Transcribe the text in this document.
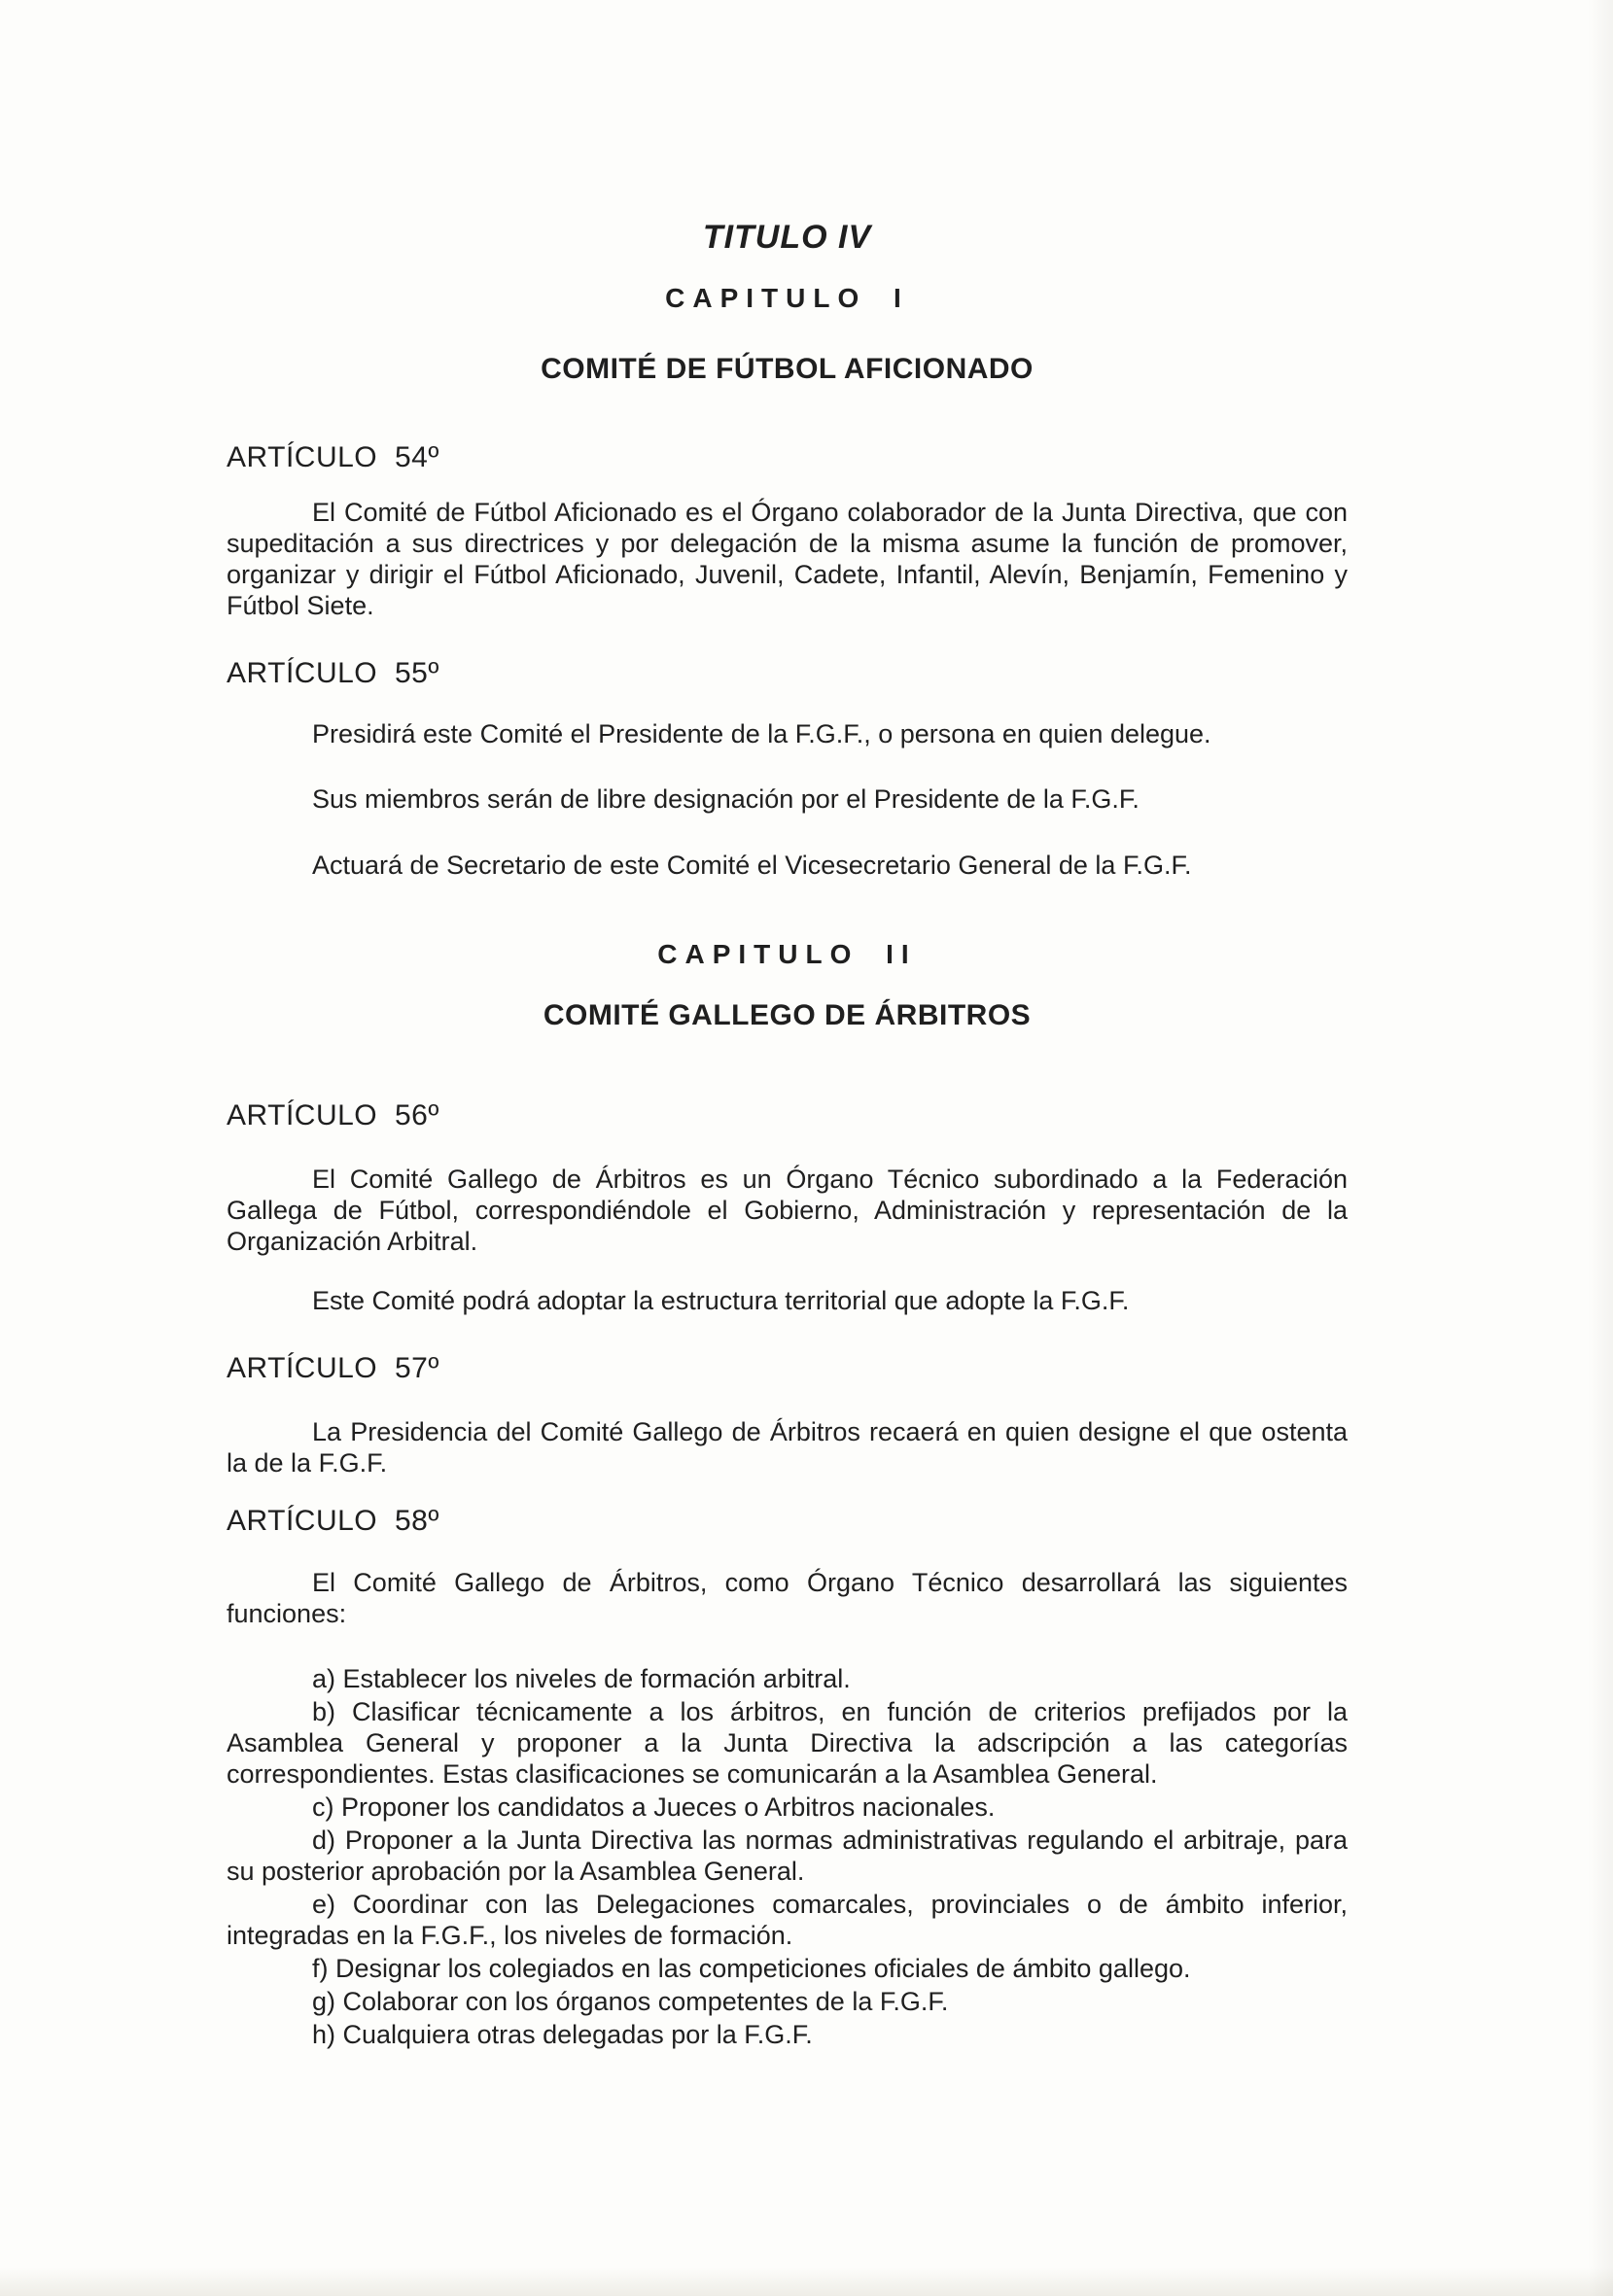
TITULO IV
CAPITULO I
COMITÉ DE FÚTBOL AFICIONADO
ARTÍCULO 54º

El Comité de Fútbol Aficionado es el Órgano colaborador de la Junta Directiva, que con supeditación a sus directrices y por delegación de la misma asume la función de promover, organizar y dirigir el Fútbol Aficionado, Juvenil, Cadete, Infantil, Alevín, Benjamín, Femenino y Fútbol Siete.

ARTÍCULO 55º

Presidirá este Comité el Presidente de la F.G.F., o persona en quien delegue.

Sus miembros serán de libre designación por el Presidente de la F.G.F.

Actuará de Secretario de este Comité el Vicesecretario General de la F.G.F.

CAPITULO II
COMITÉ GALLEGO DE ÁRBITROS
ARTÍCULO 56º

El Comité Gallego de Árbitros es un Órgano Técnico subordinado a la Federación Gallega de Fútbol, correspondiéndole el Gobierno, Administración y representación de la Organización Arbitral.

Este Comité podrá adoptar la estructura territorial que adopte la F.G.F.

ARTÍCULO 57º

La Presidencia del Comité Gallego de Árbitros recaerá en quien designe el que ostenta la de la F.G.F.

ARTÍCULO 58º

El Comité Gallego de Árbitros, como Órgano Técnico desarrollará las siguientes funciones:

a) Establecer los niveles de formación arbitral.

b) Clasificar técnicamente a los árbitros, en función de criterios prefijados por la Asamblea General y proponer a la Junta Directiva la adscripción a las categorías correspondientes. Estas clasificaciones se comunicarán a la Asamblea General.

c) Proponer los candidatos a Jueces o Arbitros nacionales.

d) Proponer a la Junta Directiva las normas administrativas regulando el arbitraje, para su posterior aprobación por la Asamblea General.

e) Coordinar con las Delegaciones comarcales, provinciales o de ámbito inferior, integradas en la F.G.F., los niveles de formación.

f) Designar los colegiados en las competiciones oficiales de ámbito gallego.

g) Colaborar con los órganos competentes de la F.G.F.

h) Cualquiera otras delegadas por la F.G.F.
